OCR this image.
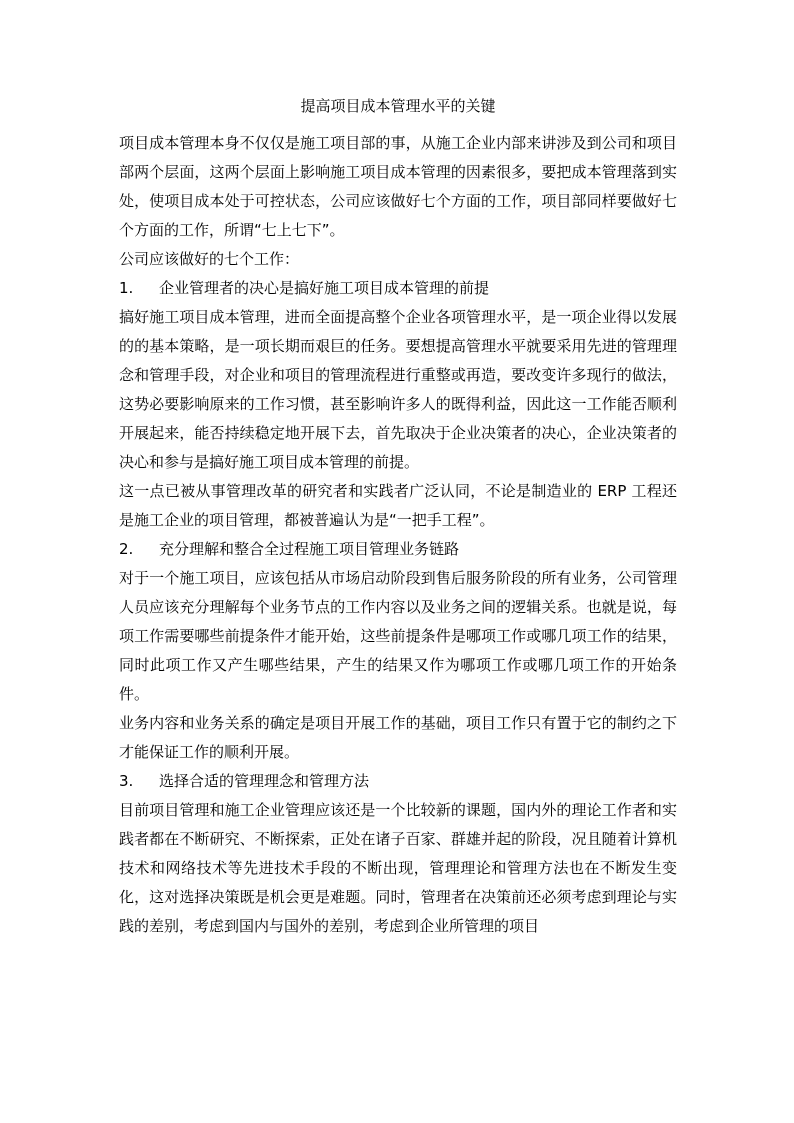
提高项目成本管理水平的关键

项目成本管理本身不仅仅是施工项目部的事，从施工企业内部来讲涉及到公司和项目部两个层面，这两个层面上影响施工项目成本管理的因素很多，要把成本管理落到实处，使项目成本处于可控状态，公司应该做好七个方面的工作，项目部同样要做好七个方面的工作，所谓“七上七下”。

公司应该做好的七个工作：

1.	企业管理者的决心是搞好施工项目成本管理的前提

搞好施工项目成本管理，进而全面提高整个企业各项管理水平，是一项企业得以发展的的基本策略，是一项长期而艰巨的任务。要想提高管理水平就要采用先进的管理理念和管理手段，对企业和项目的管理流程进行重整或再造，要改变许多现行的做法，这势必要影响原来的工作习惯，甚至影响许多人的既得利益，因此这一工作能否顺利开展起来，能否持续稳定地开展下去，首先取决于企业决策者的决心，企业决策者的决心和参与是搞好施工项目成本管理的前提。

这一点已被从事管理改革的研究者和实践者广泛认同，不论是制造业的 ERP 工程还是施工企业的项目管理，都被普遍认为是“一把手工程”。

2.	充分理解和整合全过程施工项目管理业务链路

对于一个施工项目，应该包括从市场启动阶段到售后服务阶段的所有业务，公司管理人员应该充分理解每个业务节点的工作内容以及业务之间的逻辑关系。也就是说，每项工作需要哪些前提条件才能开始，这些前提条件是哪项工作或哪几项工作的结果，同时此项工作又产生哪些结果，产生的结果又作为哪项工作或哪几项工作的开始条件。

业务内容和业务关系的确定是项目开展工作的基础，项目工作只有置于它的制约之下才能保证工作的顺利开展。

3.	选择合适的管理理念和管理方法

目前项目管理和施工企业管理应该还是一个比较新的课题，国内外的理论工作者和实践者都在不断研究、不断探索，正处在诸子百家、群雄并起的阶段，况且随着计算机技术和网络技术等先进技术手段的不断出现，管理理论和管理方法也在不断发生变化，这对选择决策既是机会更是难题。同时，管理者在决策前还必须考虑到理论与实践的差别，考虑到国内与国外的差别，考虑到企业所管理的项目
